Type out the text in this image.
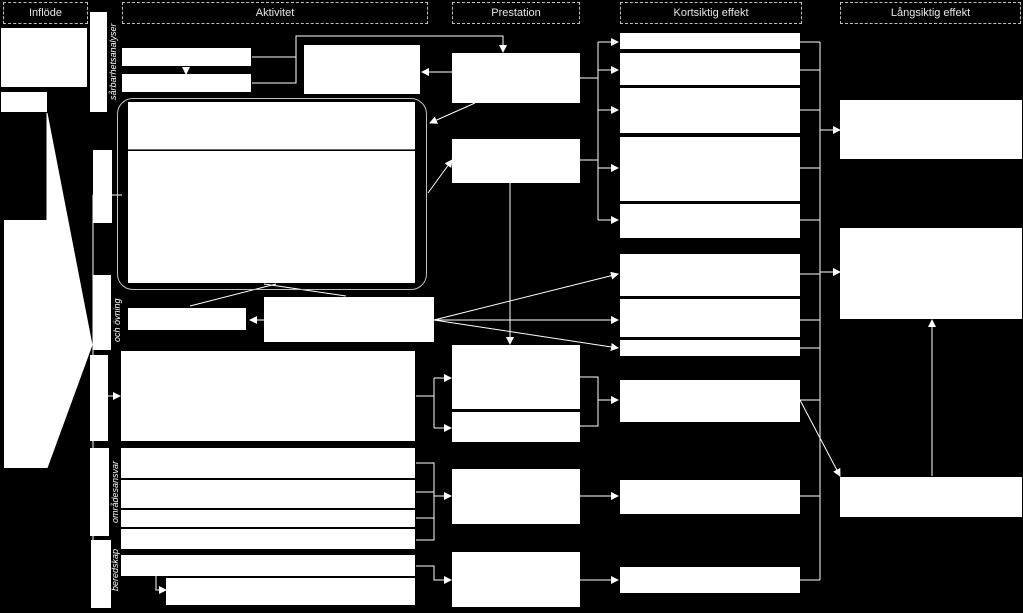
Inflöde	Aktivitet	Prestation	Kortsiktig effekt	Långsiktig effekt
sårbarhetsanalyser
och övning
områdesansvar
beredskap
